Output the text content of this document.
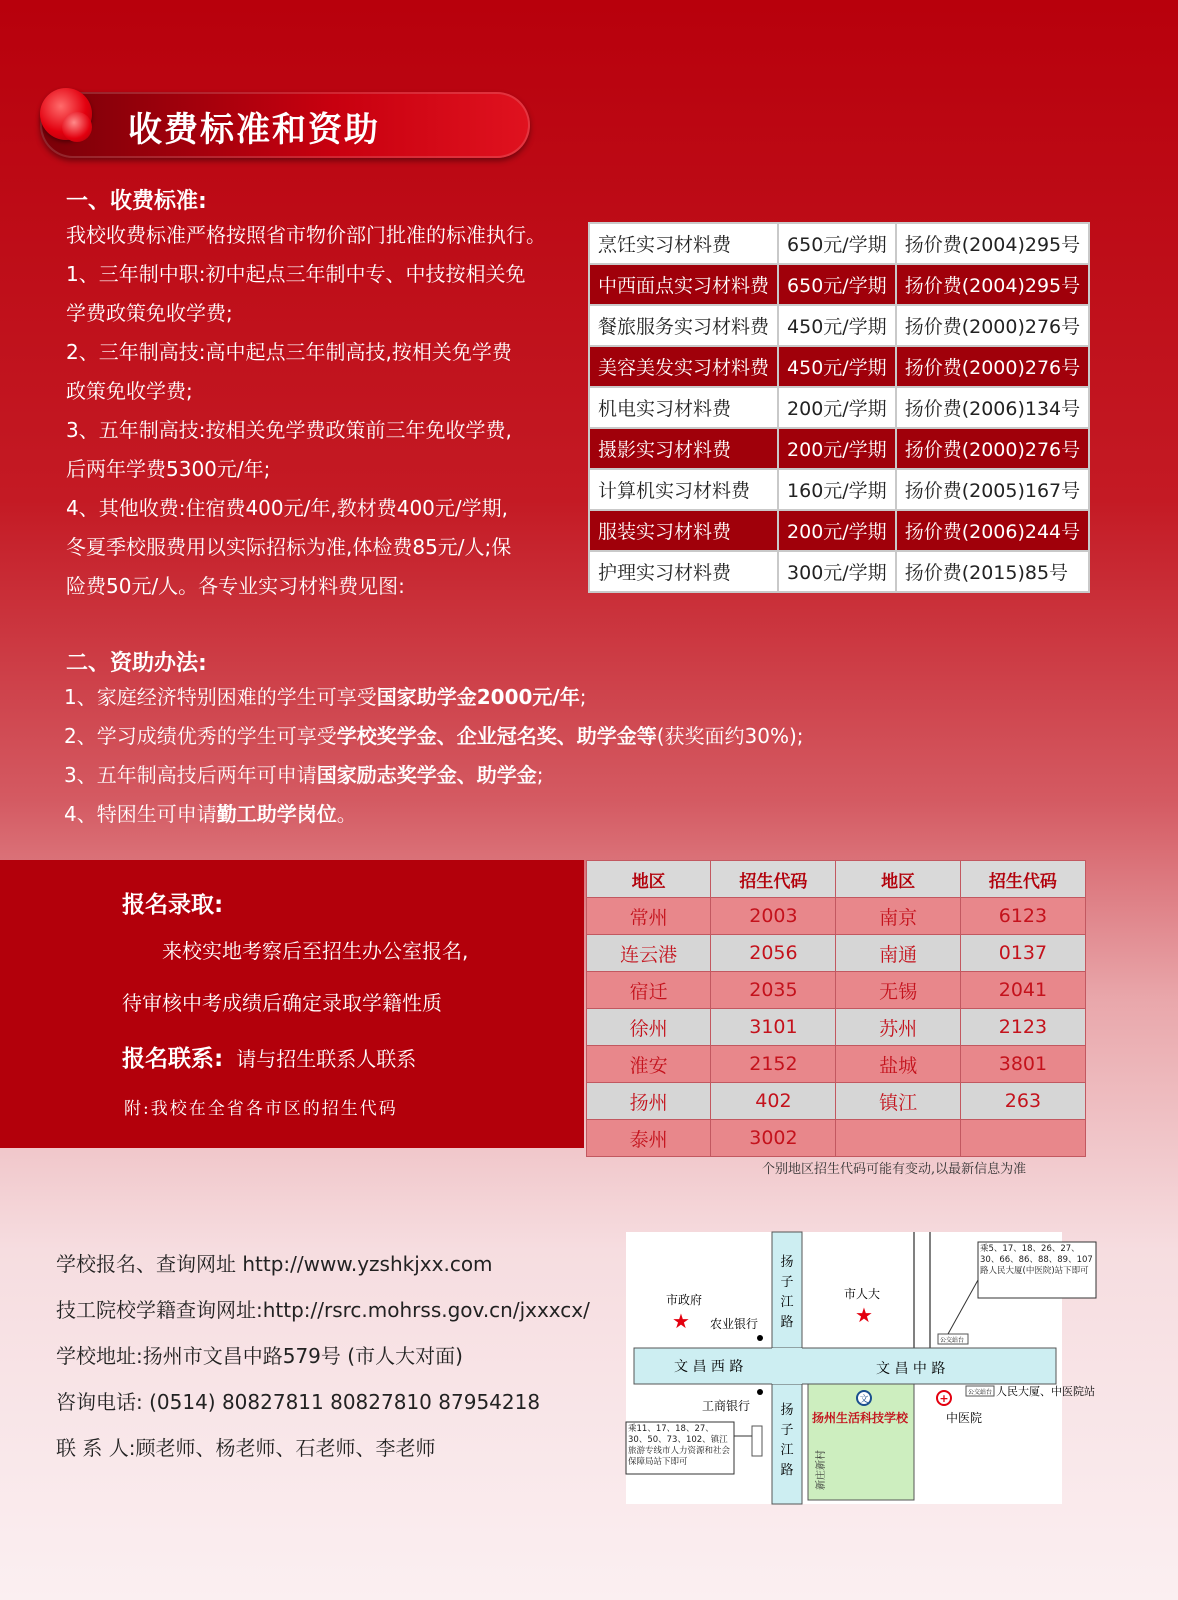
收费标准和资助
一、收费标准:
我校收费标准严格按照省市物价部门批准的标准执行。
1、三年制中职:初中起点三年制中专、中技按相关免
学费政策免收学费;
2、三年制高技:高中起点三年制高技,按相关免学费
政策免收学费;
3、五年制高技:按相关免学费政策前三年免收学费,
后两年学费5300元/年;
4、其他收费:住宿费400元/年,教材费400元/学期,
冬夏季校服费用以实际招标为准,体检费85元/人;保
险费50元/人。各专业实习材料费见图:
烹饪实习材料费	650元/学期	扬价费(2004)295号
中西面点实习材料费	650元/学期	扬价费(2004)295号
餐旅服务实习材料费	450元/学期	扬价费(2000)276号
美容美发实习材料费	450元/学期	扬价费(2000)276号
机电实习材料费	200元/学期	扬价费(2006)134号
摄影实习材料费	200元/学期	扬价费(2000)276号
计算机实习材料费	160元/学期	扬价费(2005)167号
服装实习材料费	200元/学期	扬价费(2006)244号
护理实习材料费	300元/学期	扬价费(2015)85号
二、资助办法:
1、家庭经济特别困难的学生可享受国家助学金2000元/年;
2、学习成绩优秀的学生可享受学校奖学金、企业冠名奖、助学金等(获奖面约30%);
3、五年制高技后两年可申请国家励志奖学金、助学金;
4、特困生可申请勤工助学岗位。
报名录取:
来校实地考察后至招生办公室报名,
待审核中考成绩后确定录取学籍性质
报名联系: 请与招生联系人联系
附:我校在全省各市区的招生代码
地区	招生代码	地区	招生代码
常州	2003	南京	6123
连云港	2056	南通	0137
宿迁	2035	无锡	2041
徐州	3101	苏州	2123
淮安	2152	盐城	3801
扬州	402	镇江	263
泰州	3002		
个别地区招生代码可能有变动,以最新信息为准
学校报名、查询网址 http://www.yzshkjxx.com
技工院校学籍查询网址:http://rsrc.mohrss.gov.cn/jxxxcx/
学校地址:扬州市文昌中路579号 (市人大对面)
咨询电话: (0514) 80827811 80827810 87954218
联 系 人:顾老师、杨老师、石老师、李老师
文
扬州生活科技学校
新庄新村
扬
子
江
路
扬
子
江
路
文 昌 西 路	文 昌 中 路
市政府
★ 农业银行
市人大
★
工商银行
+
中医院
公交站台
公交站台 人民大厦、中医院站
乘5、17、18、26、27、30、66、86、88、89、107路人民大厦(中医院)站下即可
乘11、17、18、27、30、50、73、102、镇江旅游专线市人力资源和社会保障局站下即可
